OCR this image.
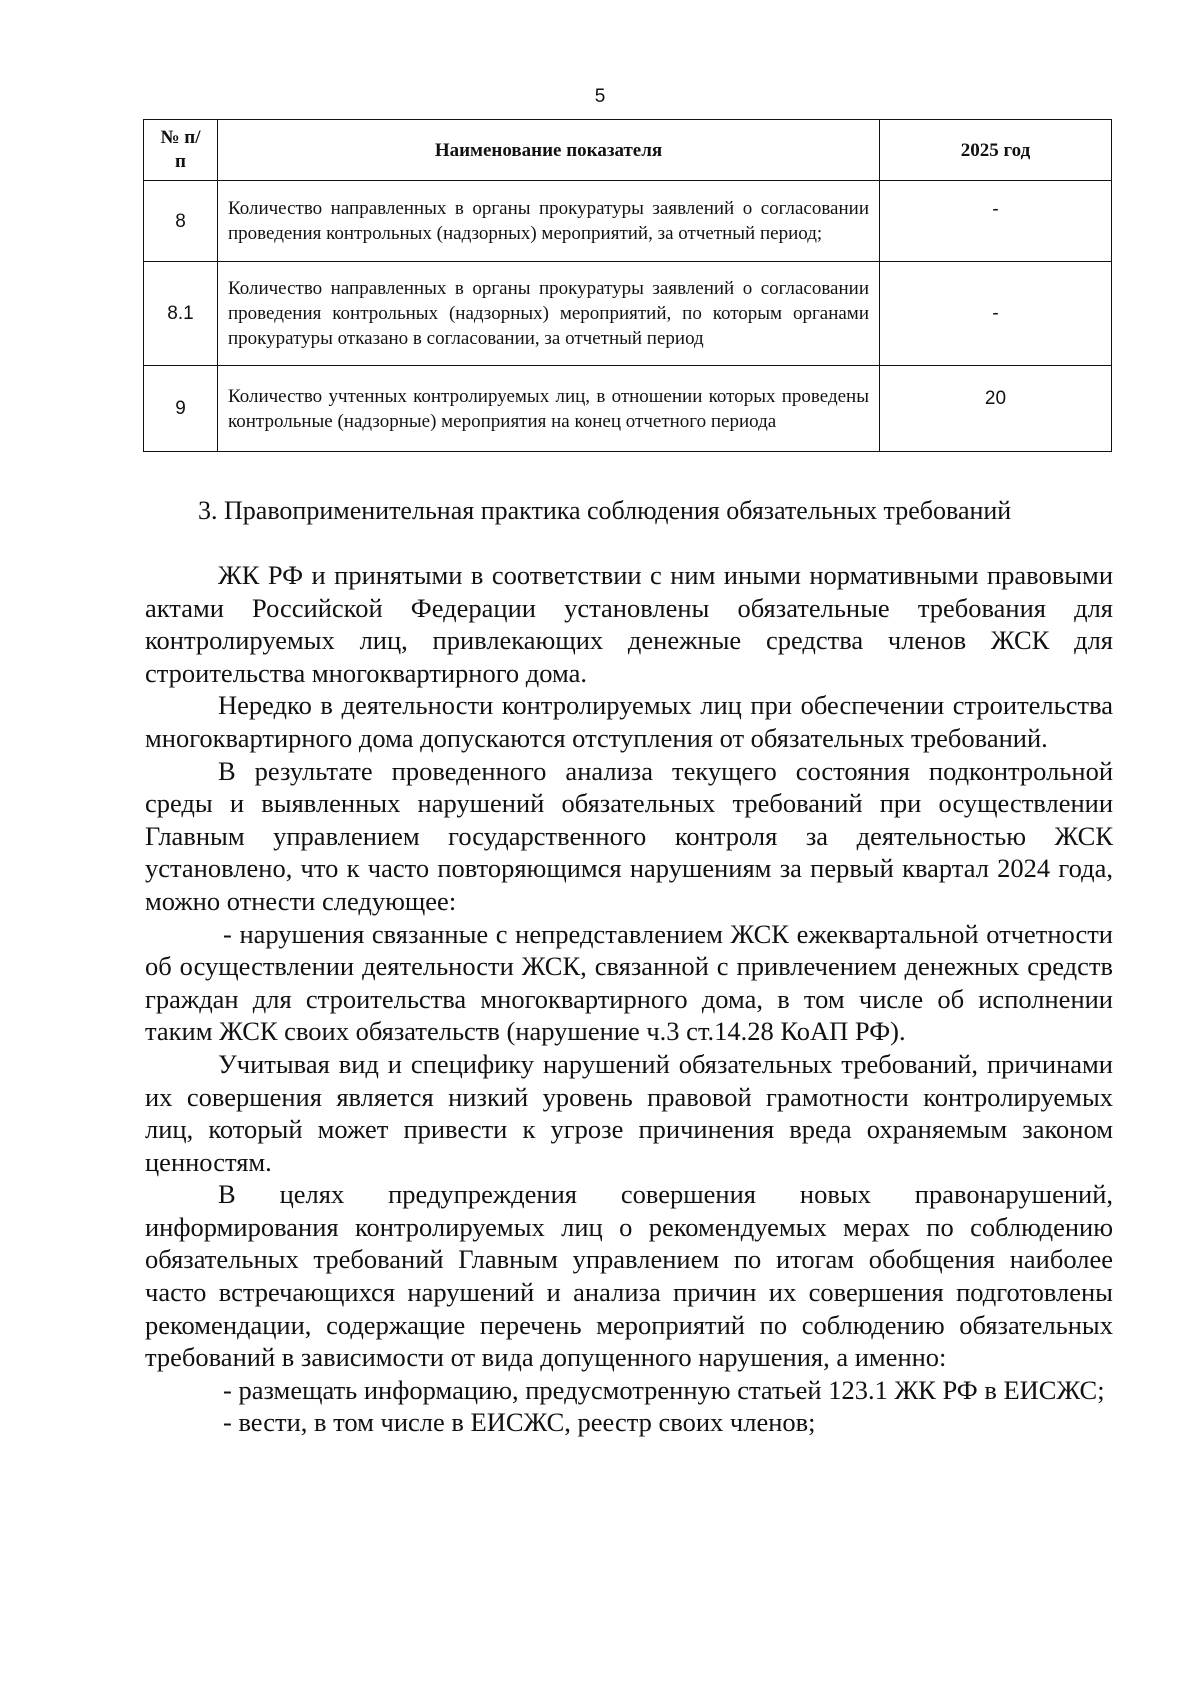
5
№ п/п	Наименование показателя	2025 год
8	Количество направленных в органы прокуратуры заявлений о согласовании проведения контрольных (надзорных) мероприятий, за отчетный период;	-
8.1	Количество направленных в органы прокуратуры заявлений о согласовании проведения контрольных (надзорных) мероприятий, по которым органами прокуратуры отказано в согласовании, за отчетный период	-
9	Количество учтенных контролируемых лиц, в отношении которых проведены контрольные (надзорные) мероприятия на конец отчетного периода	20
3. Правоприменительная практика соблюдения обязательных требований

ЖК РФ и принятыми в соответствии с ним иными нормативными правовыми актами Российской Федерации установлены обязательные требования для контролируемых лиц, привлекающих денежные средства членов ЖСК для строительства многоквартирного дома.

Нередко в деятельности контролируемых лиц при обеспечении строительства многоквартирного дома допускаются отступления от обязательных требований.

В результате проведенного анализа текущего состояния подконтрольной среды и выявленных нарушений обязательных требований при осуществлении Главным управлением государственного контроля за деятельностью ЖСК установлено, что к часто повторяющимся нарушениям за первый квартал 2024 года, можно отнести следующее:

- нарушения связанные с непредставлением ЖСК ежеквартальной отчетности об осуществлении деятельности ЖСК, связанной с привлечением денежных средств граждан для строительства многоквартирного дома, в том числе об исполнении таким ЖСК своих обязательств (нарушение ч.3 ст.14.28 КоАП РФ).

Учитывая вид и специфику нарушений обязательных требований, причинами их совершения является низкий уровень правовой грамотности контролируемых лиц, который может привести к угрозе причинения вреда охраняемым законом ценностям.

В целях предупреждения совершения новых правонарушений, информирования контролируемых лиц о рекомендуемых мерах по соблюдению обязательных требований Главным управлением по итогам обобщения наиболее часто встречающихся нарушений и анализа причин их совершения подготовлены рекомендации, содержащие перечень мероприятий по соблюдению обязательных требований в зависимости от вида допущенного нарушения, а именно:

- размещать информацию, предусмотренную статьей 123.1 ЖК РФ в ЕИСЖС;

- вести, в том числе в ЕИСЖС, реестр своих членов;
